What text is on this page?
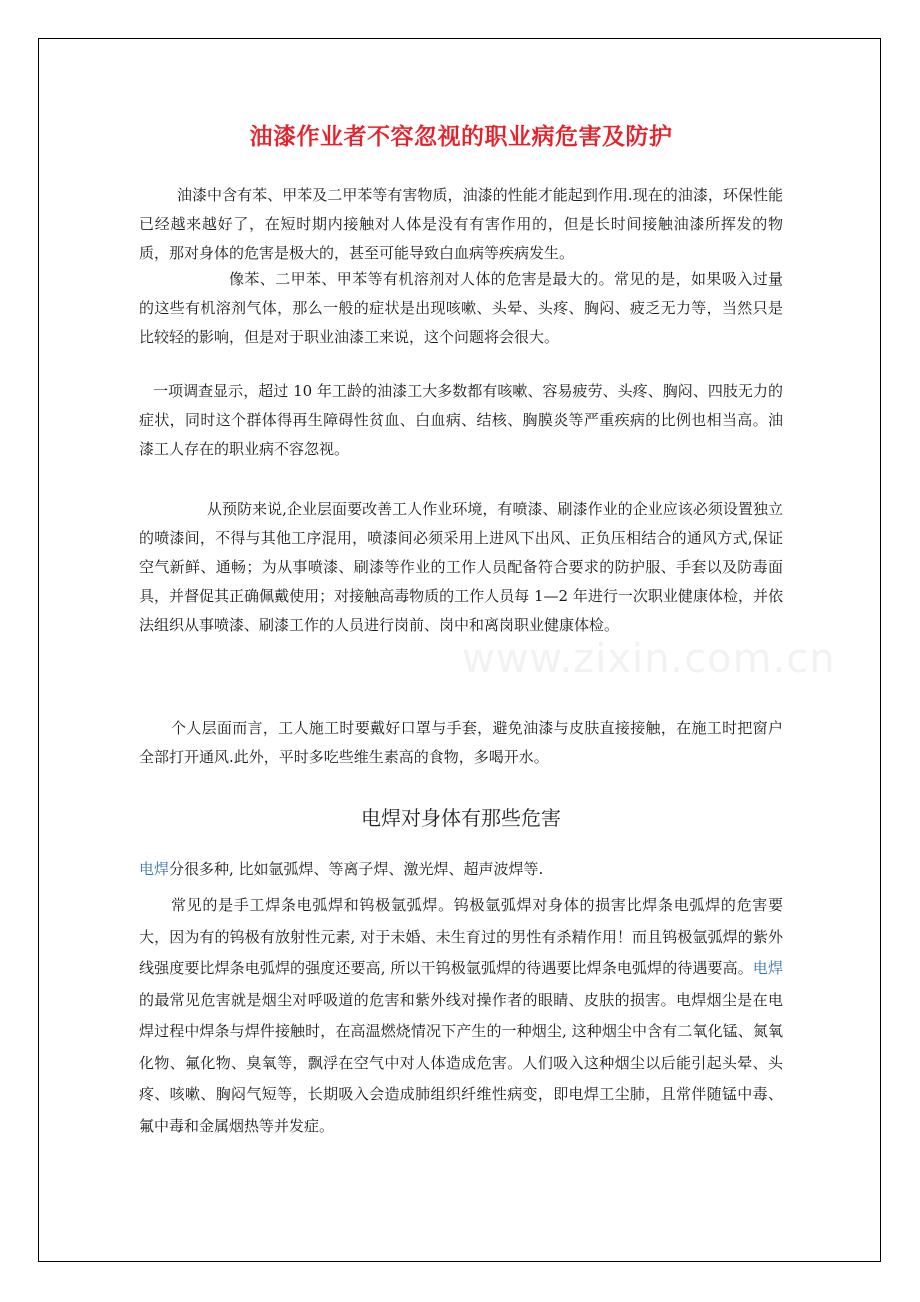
油漆作业者不容忽视的职业病危害及防护
油漆中含有苯、甲苯及二甲苯等有害物质，油漆的性能才能起到作用.现在的油漆，环保性能已经越来越好了，在短时期内接触对人体是没有有害作用的，但是长时间接触油漆所挥发的物质，那对身体的危害是极大的，甚至可能导致白血病等疾病发生。
像苯、二甲苯、甲苯等有机溶剂对人体的危害是最大的。常见的是，如果吸入过量的这些有机溶剂气体，那么一般的症状是出现咳嗽、头晕、头疼、胸闷、疲乏无力等，当然只是比较轻的影响，但是对于职业油漆工来说，这个问题将会很大。
一项调查显示，超过 10 年工龄的油漆工大多数都有咳嗽、容易疲劳、头疼、胸闷、四肢无力的症状，同时这个群体得再生障碍性贫血、白血病、结核、胸膜炎等严重疾病的比例也相当高。油漆工人存在的职业病不容忽视。
从预防来说,企业层面要改善工人作业环境，有喷漆、刷漆作业的企业应该必须设置独立的喷漆间，不得与其他工序混用，喷漆间必须采用上进风下出风、正负压相结合的通风方式,保证空气新鲜、通畅；为从事喷漆、刷漆等作业的工作人员配备符合要求的防护服、手套以及防毒面具，并督促其正确佩戴使用；对接触高毒物质的工作人员每 1—2 年进行一次职业健康体检，并依法组织从事喷漆、刷漆工作的人员进行岗前、岗中和离岗职业健康体检。
个人层面而言，工人施工时要戴好口罩与手套，避免油漆与皮肤直接接触，在施工时把窗户全部打开通风.此外，平时多吃些维生素高的食物，多喝开水。
电焊对身体有那些危害
电焊分很多种, 比如氩弧焊、等离子焊、激光焊、超声波焊等.
常见的是手工焊条电弧焊和钨极氩弧焊。钨极氩弧焊对身体的损害比焊条电弧焊的危害要大，因为有的钨极有放射性元素, 对于未婚、未生育过的男性有杀精作用！而且钨极氩弧焊的紫外线强度要比焊条电弧焊的强度还要高, 所以干钨极氩弧焊的待遇要比焊条电弧焊的待遇要高。电焊的最常见危害就是烟尘对呼吸道的危害和紫外线对操作者的眼睛、皮肤的损害。电焊烟尘是在电焊过程中焊条与焊件接触时，在高温燃烧情况下产生的一种烟尘, 这种烟尘中含有二氧化锰、氮氧化物、氟化物、臭氧等，飘浮在空气中对人体造成危害。人们吸入这种烟尘以后能引起头晕、头疼、咳嗽、胸闷气短等，长期吸入会造成肺组织纤维性病变，即电焊工尘肺，且常伴随锰中毒、氟中毒和金属烟热等并发症。
www.zixin.com.cn
